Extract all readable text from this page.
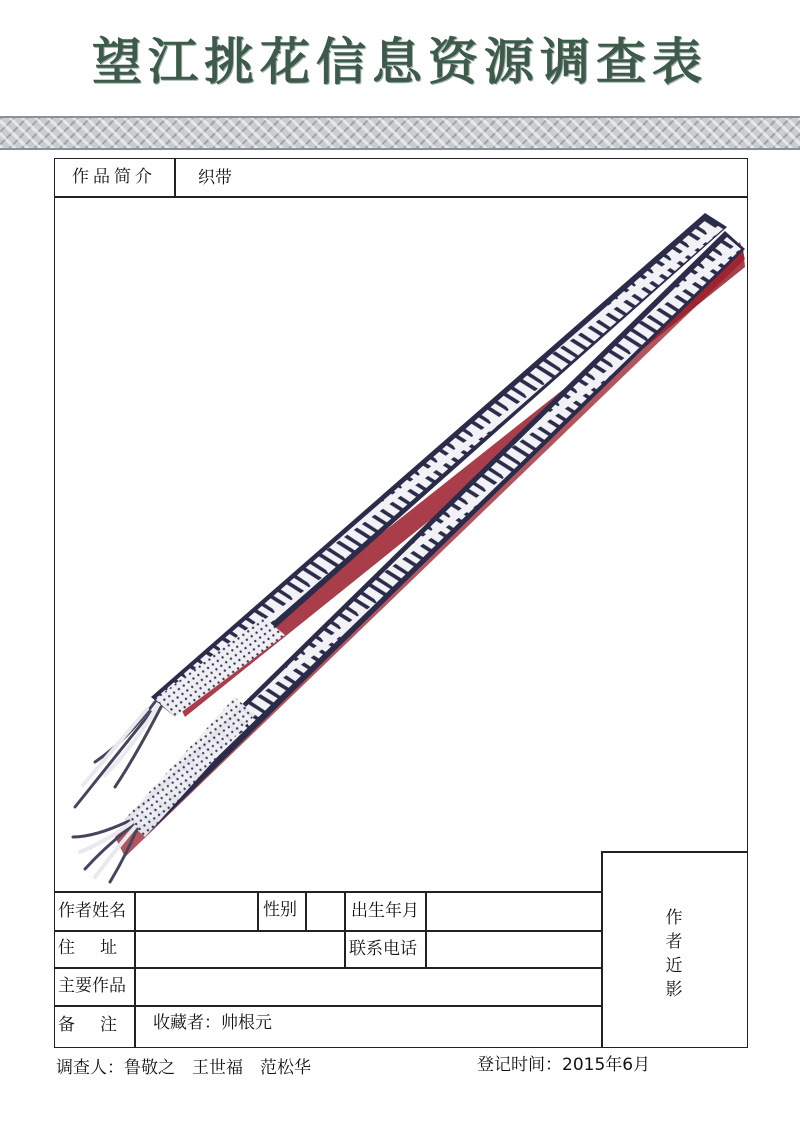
望江挑花信息资源调查表
作品简介 织带
作者姓名	性别	出生年月
住　址	联系电话
主要作品
备　注 收藏者：帅根元
作者近影
调查人：鲁敬之　王世福　范松华	登记时间：2015年6月
